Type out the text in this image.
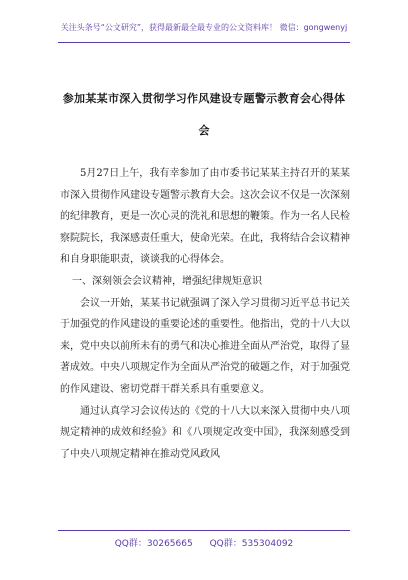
关注头条号“公文研究”，获得最新最全最专业的公文资料库！ 微信：gongwenyj
参加某某市深入贯彻学习作风建设专题警示教育会心得体
会

5月27日上午，我有幸参加了由市委书记某某主持召开的某某市深入贯彻作风建设专题警示教育大会。这次会议不仅是一次深刻的纪律教育，更是一次心灵的洗礼和思想的鞭策。作为一名人民检察院院长，我深感责任重大，使命光荣。在此，我将结合会议精神和自身职能职责，谈谈我的心得体会。

一、深刻领会会议精神，增强纪律规矩意识

会议一开始，某某书记就强调了深入学习贯彻习近平总书记关于加强党的作风建设的重要论述的重要性。他指出，党的十八大以来，党中央以前所未有的勇气和决心推进全面从严治党，取得了显著成效。中央八项规定作为全面从严治党的破题之作，对于加强党的作风建设、密切党群干群关系具有重要意义。

通过认真学习会议传达的《党的十八大以来深入贯彻中央八项规定精神的成效和经验》和《八项规定改变中国》，我深刻感受到了中央八项规定精神在推动党风政风

QQ群：30265665 QQ群：535304092
